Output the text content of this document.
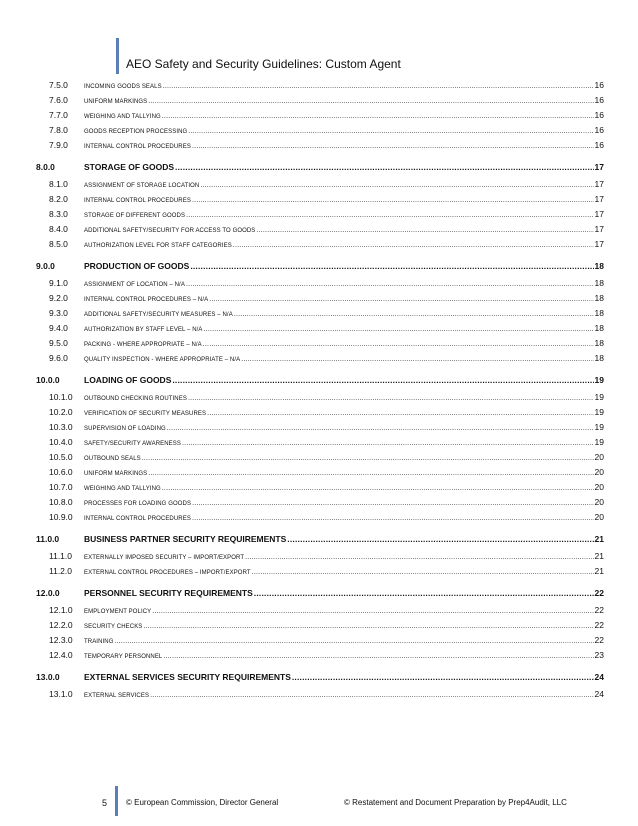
AEO Safety and Security Guidelines: Custom Agent
7.5.0	INCOMING GOODS SEALS .....	16
7.6.0	UNIFORM MARKINGS .....	16
7.7.0	WEIGHING AND TALLYING .....	16
7.8.0	GOODS RECEPTION PROCESSING .....	16
7.9.0	INTERNAL CONTROL PROCEDURES .....	16
8.0.0	STORAGE OF GOODS .....	17
8.1.0	ASSIGNMENT OF STORAGE LOCATION .....	17
8.2.0	INTERNAL CONTROL PROCEDURES .....	17
8.3.0	STORAGE OF DIFFERENT GOODS .....	17
8.4.0	ADDITIONAL SAFETY/SECURITY FOR ACCESS TO GOODS .....	17
8.5.0	AUTHORIZATION LEVEL FOR STAFF CATEGORIES .....	17
9.0.0	PRODUCTION OF GOODS .....	18
9.1.0	ASSIGNMENT OF LOCATION – N/A .....	18
9.2.0	INTERNAL CONTROL PROCEDURES – N/A .....	18
9.3.0	ADDITIONAL SAFETY/SECURITY MEASURES – N/A .....	18
9.4.0	AUTHORIZATION BY STAFF LEVEL – N/A .....	18
9.5.0	PACKING - WHERE APPROPRIATE – N/A .....	18
9.6.0	QUALITY INSPECTION - WHERE APPROPRIATE – N/A .....	18
10.0.0	LOADING OF GOODS .....	19
10.1.0	OUTBOUND CHECKING ROUTINES .....	19
10.2.0	VERIFICATION OF SECURITY MEASURES .....	19
10.3.0	SUPERVISION OF LOADING .....	19
10.4.0	SAFETY/SECURITY AWARENESS .....	19
10.5.0	OUTBOUND SEALS .....	20
10.6.0	UNIFORM MARKINGS .....	20
10.7.0	WEIGHING AND TALLYING .....	20
10.8.0	PROCESSES FOR LOADING GOODS .....	20
10.9.0	INTERNAL CONTROL PROCEDURES .....	20
11.0.0	BUSINESS PARTNER SECURITY REQUIREMENTS .....	21
11.1.0	EXTERNALLY IMPOSED SECURITY – IMPORT/EXPORT .....	21
11.2.0	EXTERNAL CONTROL PROCEDURES – IMPORT/EXPORT .....	21
12.0.0	PERSONNEL SECURITY REQUIREMENTS .....	22
12.1.0	EMPLOYMENT POLICY .....	22
12.2.0	SECURITY CHECKS .....	22
12.3.0	TRAINING .....	22
12.4.0	TEMPORARY PERSONNEL .....	23
13.0.0	EXTERNAL SERVICES SECURITY REQUIREMENTS .....	24
13.1.0	EXTERNAL SERVICES .....	24
5 © European Commission, Director General	© Restatement and Document Preparation by Prep4Audit, LLC
